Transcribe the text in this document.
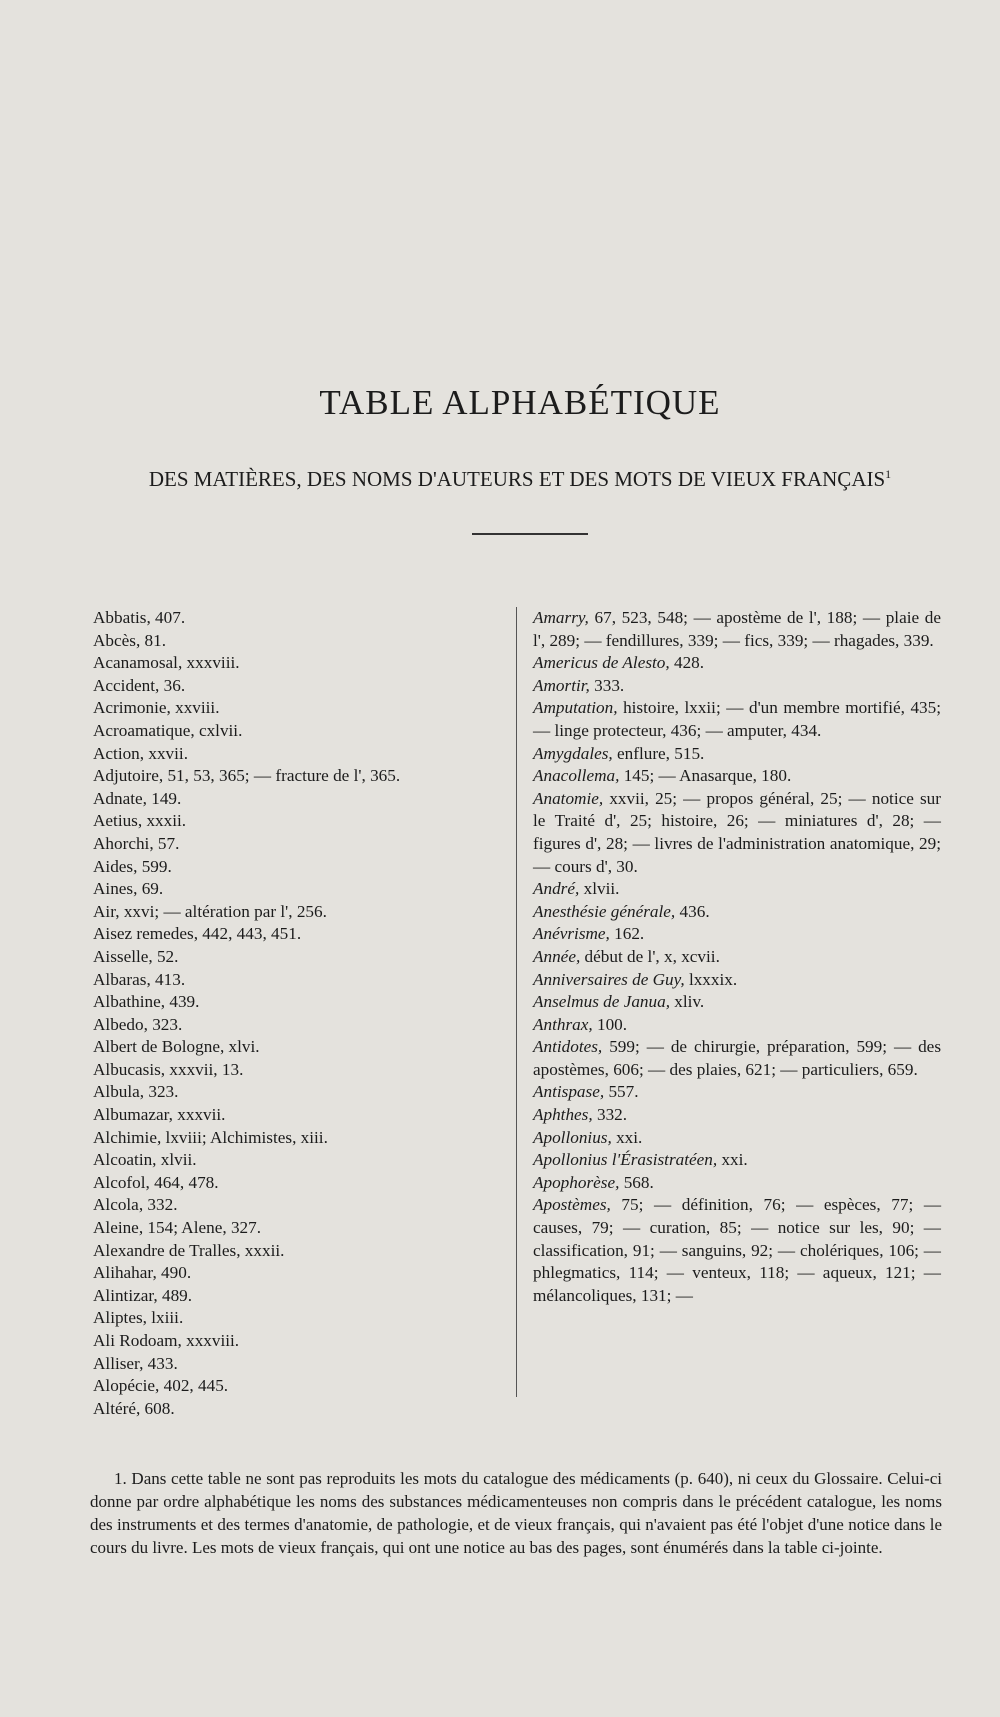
TABLE ALPHABÉTIQUE
DES MATIÈRES, DES NOMS D'AUTEURS ET DES MOTS DE VIEUX FRANÇAIS$^1$
Abbatis, 407.
Abcès, 81.
Acanamosal, xxxviii.
Accident, 36.
Acrimonie, xxviii.
Acroamatique, cxlvii.
Action, xxvii.
Adjutoire, 51, 53, 365; — fracture de l', 365.
Adnate, 149.
Aetius, xxxii.
Ahorchi, 57.
Aides, 599.
Aines, 69.
Air, xxvi; — altération par l', 256.
Aisez remedes, 442, 443, 451.
Aisselle, 52.
Albaras, 413.
Albathine, 439.
Albedo, 323.
Albert de Bologne, xlvi.
Albucasis, xxxvii, 13.
Albula, 323.
Albumazar, xxxvii.
Alchimie, lxviii; Alchimistes, xiii.
Alcoatin, xlvii.
Alcofol, 464, 478.
Alcola, 332.
Aleine, 154; Alene, 327.
Alexandre de Tralles, xxxii.
Alihahar, 490.
Alintizar, 489.
Aliptes, lxiii.
Ali Rodoam, xxxviii.
Alliser, 433.
Alopécie, 402, 445.
Altéré, 608.
Amarry, 67, 523, 548; — apostème de l', 188; — plaie de l', 289; — fendillures, 339; — fics, 339; — rhagades, 339.
Americus de Alesto, 428.
Amortir, 333.
Amputation, histoire, lxxii; — d'un membre mortifié, 435; — linge protecteur, 436; — amputer, 434.
Amygdales, enflure, 515.
Anacollema, 145; — Anasarque, 180.
Anatomie, xxvii, 25; — propos général, 25; — notice sur le Traité d', 25; histoire, 26; — miniatures d', 28; — figures d', 28; — livres de l'administration anatomique, 29; — cours d', 30.
André, xlvii.
Anesthésie générale, 436.
Anévrisme, 162.
Année, début de l', x, xcvii.
Anniversaires de Guy, lxxxix.
Anselmus de Janua, xliv.
Anthrax, 100.
Antidotes, 599; — de chirurgie, préparation, 599; — des apostèmes, 606; — des plaies, 621; — particuliers, 659.
Antispase, 557.
Aphthes, 332.
Apollonius, xxi.
Apollonius l'Érasistratéen, xxi.
Apophorèse, 568.
Apostèmes, 75; — définition, 76; — espèces, 77; — causes, 79; — curation, 85; — notice sur les, 90; — classification, 91; — sanguins, 92; — cholériques, 106; — phlegmatics, 114; — venteux, 118; — aqueux, 121; — mélancoliques, 131; —

1. Dans cette table ne sont pas reproduits les mots du catalogue des médicaments (p. 640), ni ceux du Glossaire. Celui-ci donne par ordre alphabétique les noms des substances médicamenteuses non compris dans le précédent catalogue, les noms des instruments et des termes d'anatomie, de pathologie, et de vieux français, qui n'avaient pas été l'objet d'une notice dans le cours du livre. Les mots de vieux français, qui ont une notice au bas des pages, sont énumérés dans la table ci-jointe.
